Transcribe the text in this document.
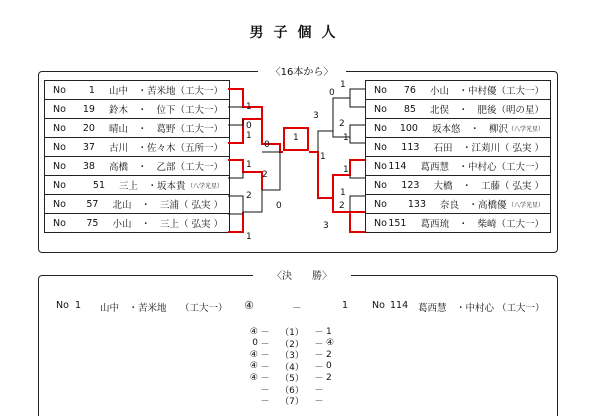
男子個人
〈16本から〉
No	1 山中　・苦米地 （工大一）
No	19 鈴木　・　位下 （工大一）
No	20 晴山　・　葛野 （工大一）
No	37 古川　・佐々木 （五所一）
No	38 高橋　・　乙部 （工大一）
No	51 三上　・坂本貴 （八学光星）
No	57 北山　・　三浦 （ 弘実 ）
No	75 小山　・　三上 （ 弘実 ）
No	76 小山　・中村優 （工大一）
No	85 北俣　・　肥後 （明の星）
No	100 坂本悠　・　柳沢 （八学光星）
No	113 石田　・江苅川 （ 弘実 ）
No 114 葛西慧　・中村心 （工大一）
No	123 大橋　・　工藤 （ 弘実 ）
No	133 奈良　・高橋優 （八学光星）
No 151 葛西琉　・　柴崎 （工大一）
1
0
0
1
2
1
2
0
1
1
1
3
3
1
2
1
0
1
2
1
〈決　　勝〉
No 1 山中　・苦米地 （工大一） ④	－	1	No 114 葛西慧　・中村心 （工大一）
④ －	（1）	－ 1
0 －	（2）	－ ④
④ －	（3）	－ 2
④ －	（4）	－ 0
④ －	（5）	－ 2
－	（6）	－
－	（7）	－
